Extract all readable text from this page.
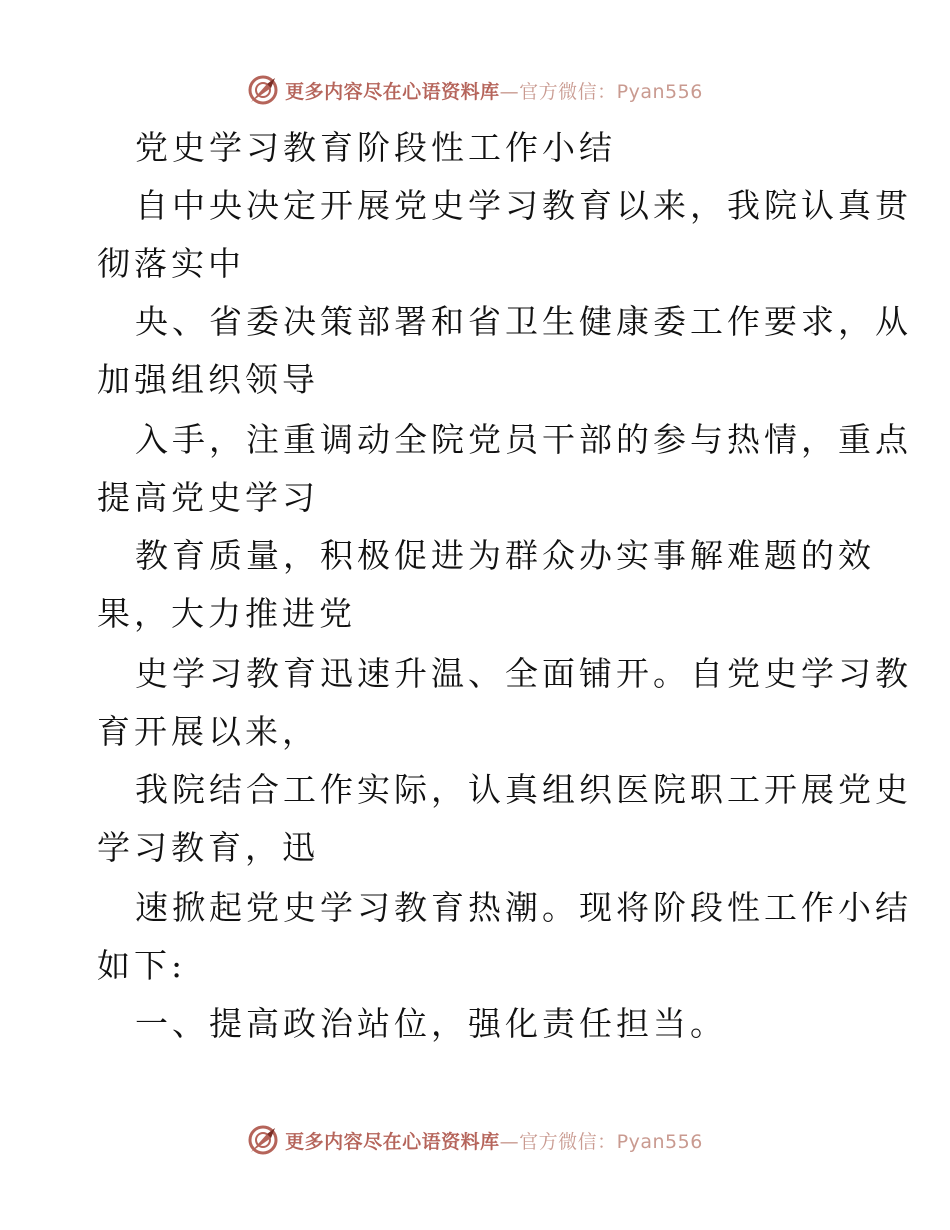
更多内容尽在心语资料库—官方微信：Pyan556
党史学习教育阶段性工作小结
自中央决定开展党史学习教育以来，我院认真贯
彻落实中
央、省委决策部署和省卫生健康委工作要求，从
加强组织领导
入手，注重调动全院党员干部的参与热情，重点
提高党史学习
教育质量，积极促进为群众办实事解难题的效
果，大力推进党
史学习教育迅速升温、全面铺开。自党史学习教
育开展以来，
我院结合工作实际，认真组织医院职工开展党史
学习教育，迅
速掀起党史学习教育热潮。现将阶段性工作小结
如下:
一、提高政治站位，强化责任担当。
更多内容尽在心语资料库—官方微信：Pyan556
